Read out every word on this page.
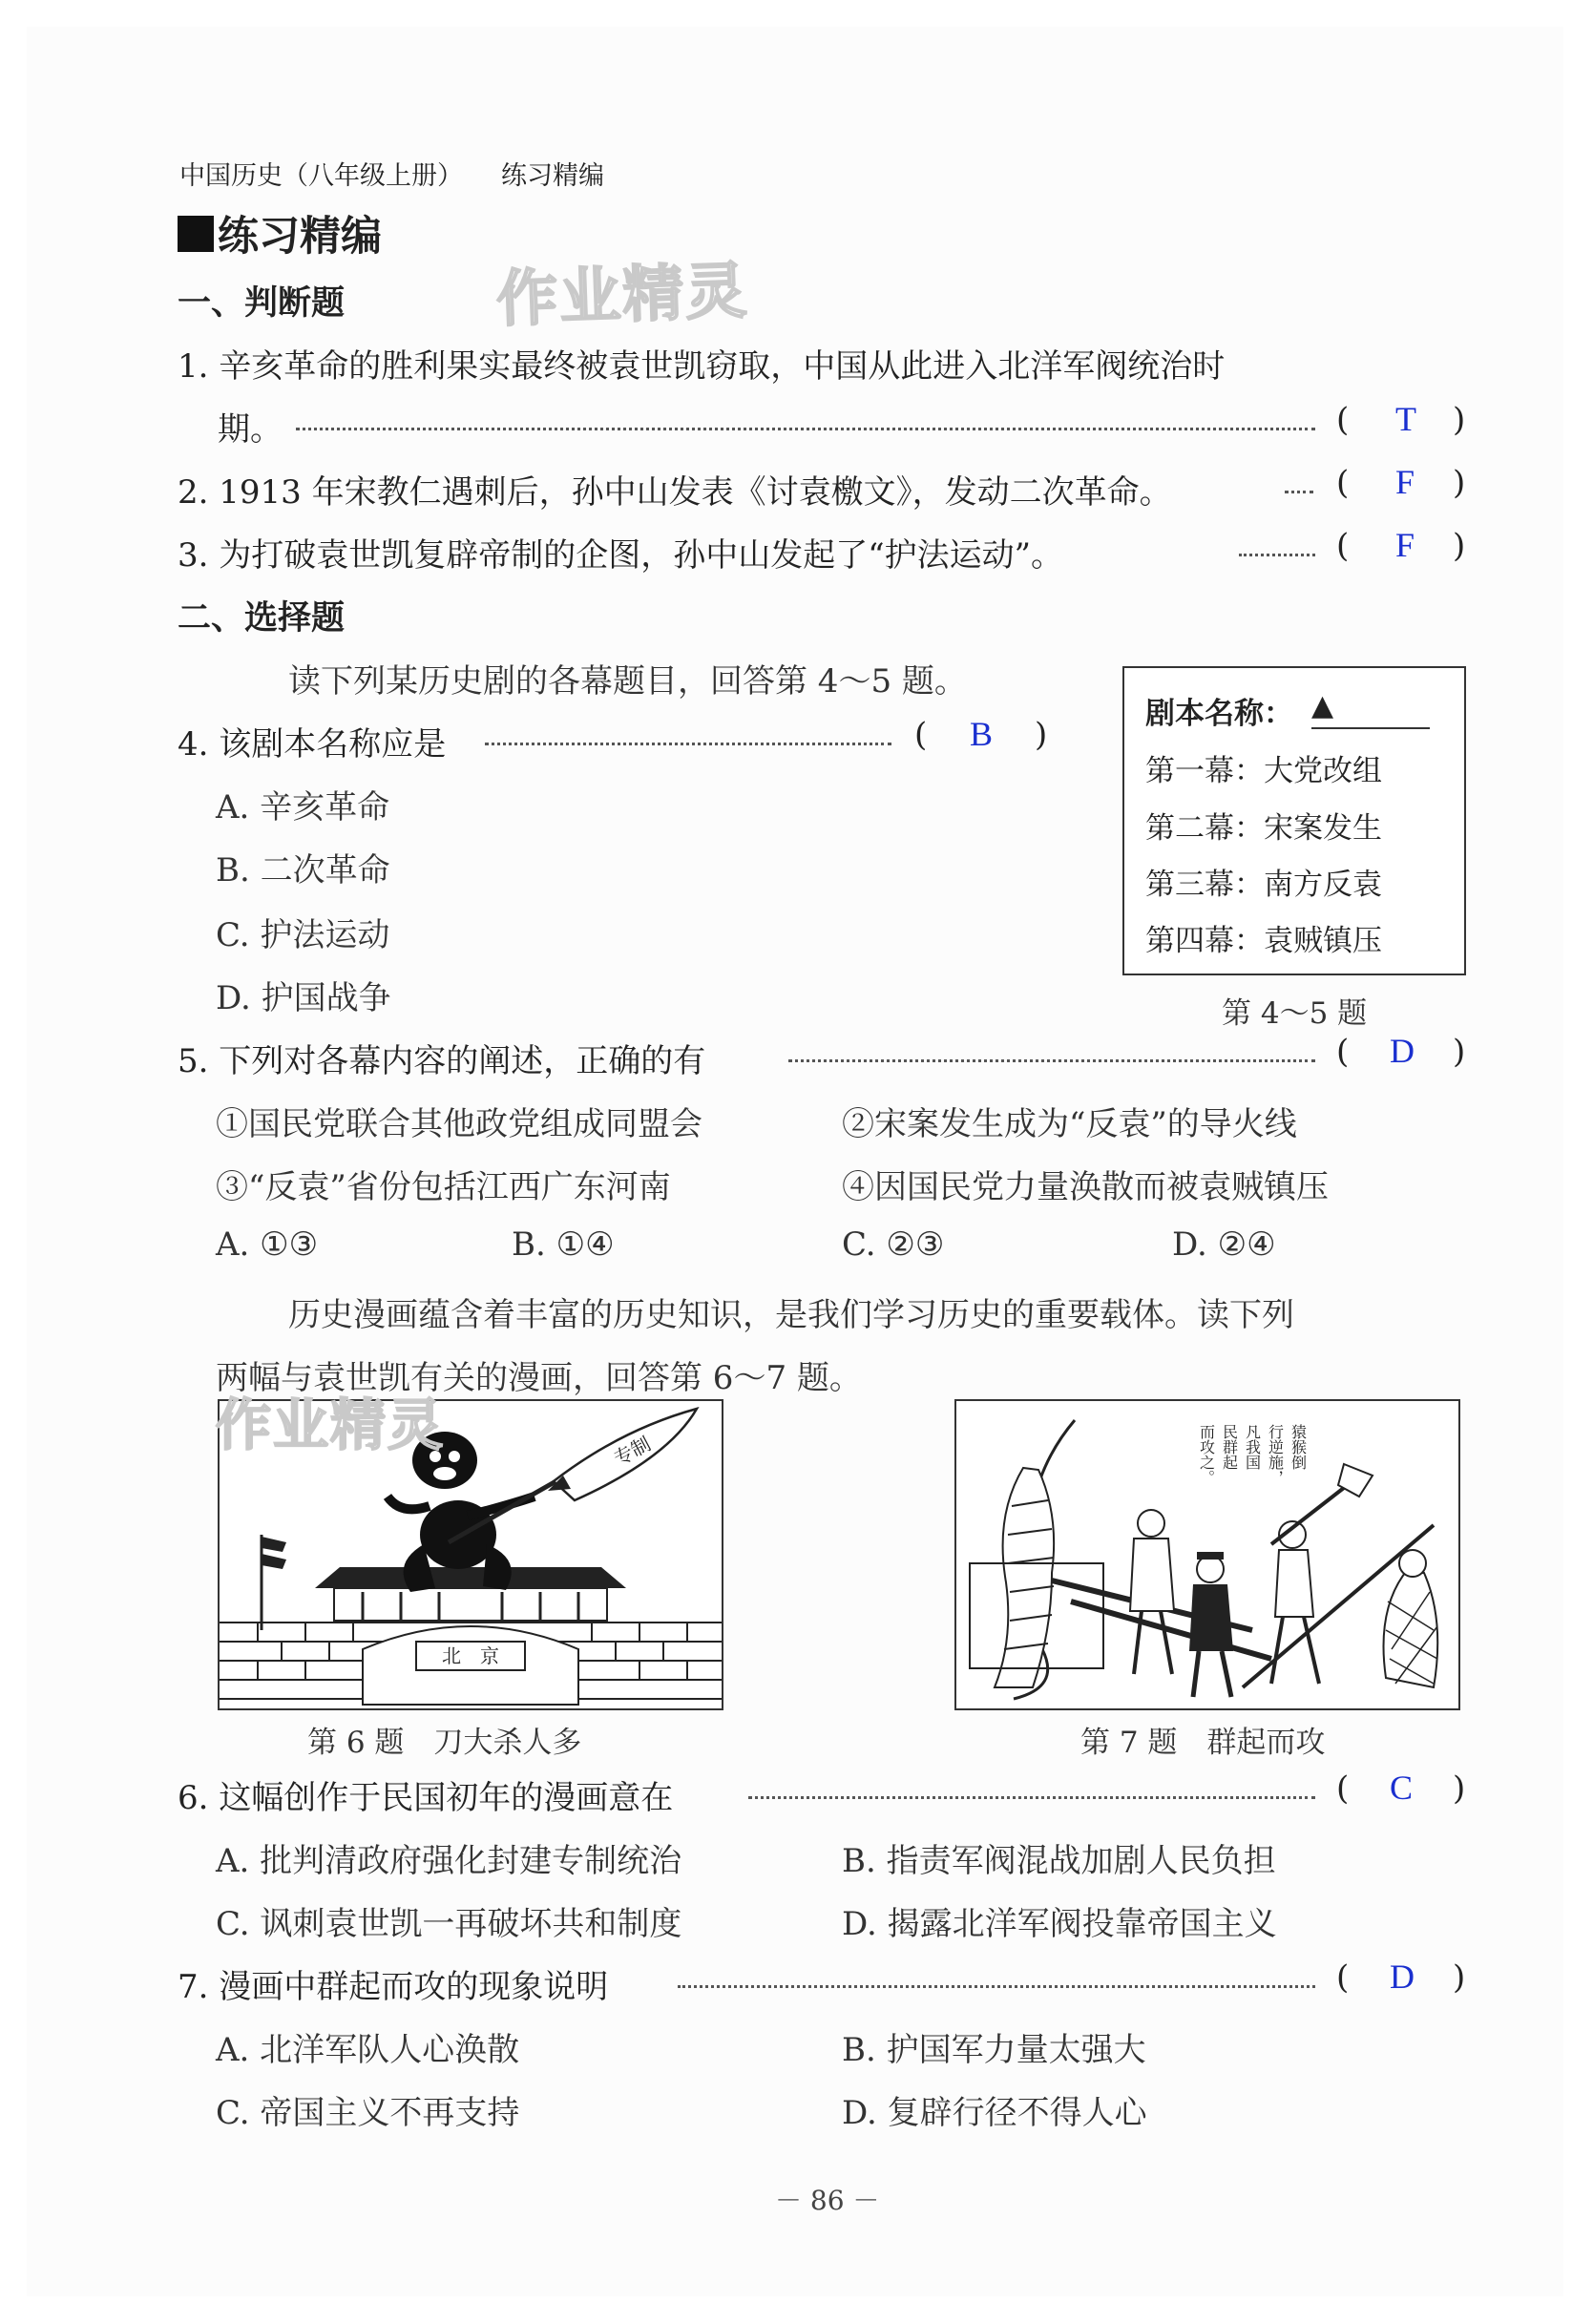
中国历史（八年级上册） 练习精编
练习精编
作业精灵
一、判断题
1. 辛亥革命的胜利果实最终被袁世凯窃取，中国从此进入北洋军阀统治时
期。	( T )
2. 1913 年宋教仁遇刺后，孙中山发表《讨袁檄文》，发动二次革命。	( F )
3. 为打破袁世凯复辟帝制的企图，孙中山发起了“护法运动”。	( F )
二、选择题
读下列某历史剧的各幕题目，回答第 4～5 题。
剧本名称： ▲
第一幕：大党改组
第二幕：宋案发生
第三幕：南方反袁
第四幕：袁贼镇压
第 4～5 题
4. 该剧本名称应是	( B )
A. 辛亥革命
B. 二次革命
C. 护法运动
D. 护国战争
5. 下列对各幕内容的阐述，正确的有	( D )
①国民党联合其他政党组成同盟会	②宋案发生成为“反袁”的导火线
③“反袁”省份包括江西广东河南	④因国民党力量涣散而被袁贼镇压
A. ①③	B. ①④	C. ②③	D. ②④
历史漫画蕴含着丰富的历史知识，是我们学习历史的重要载体。读下列
两幅与袁世凯有关的漫画，回答第 6～7 题。
专制
北　京
作业精灵
第 6 题　刀大杀人多
猿猴倒
行逆施，
凡我国
民群起
而攻之。
第 7 题　群起而攻
6. 这幅创作于民国初年的漫画意在	( C )
A. 批判清政府强化封建专制统治	B. 指责军阀混战加剧人民负担
C. 讽刺袁世凯一再破坏共和制度	D. 揭露北洋军阀投靠帝国主义
7. 漫画中群起而攻的现象说明	( D )
A. 北洋军队人心涣散	B. 护国军力量太强大
C. 帝国主义不再支持	D. 复辟行径不得人心
－ 86 －
